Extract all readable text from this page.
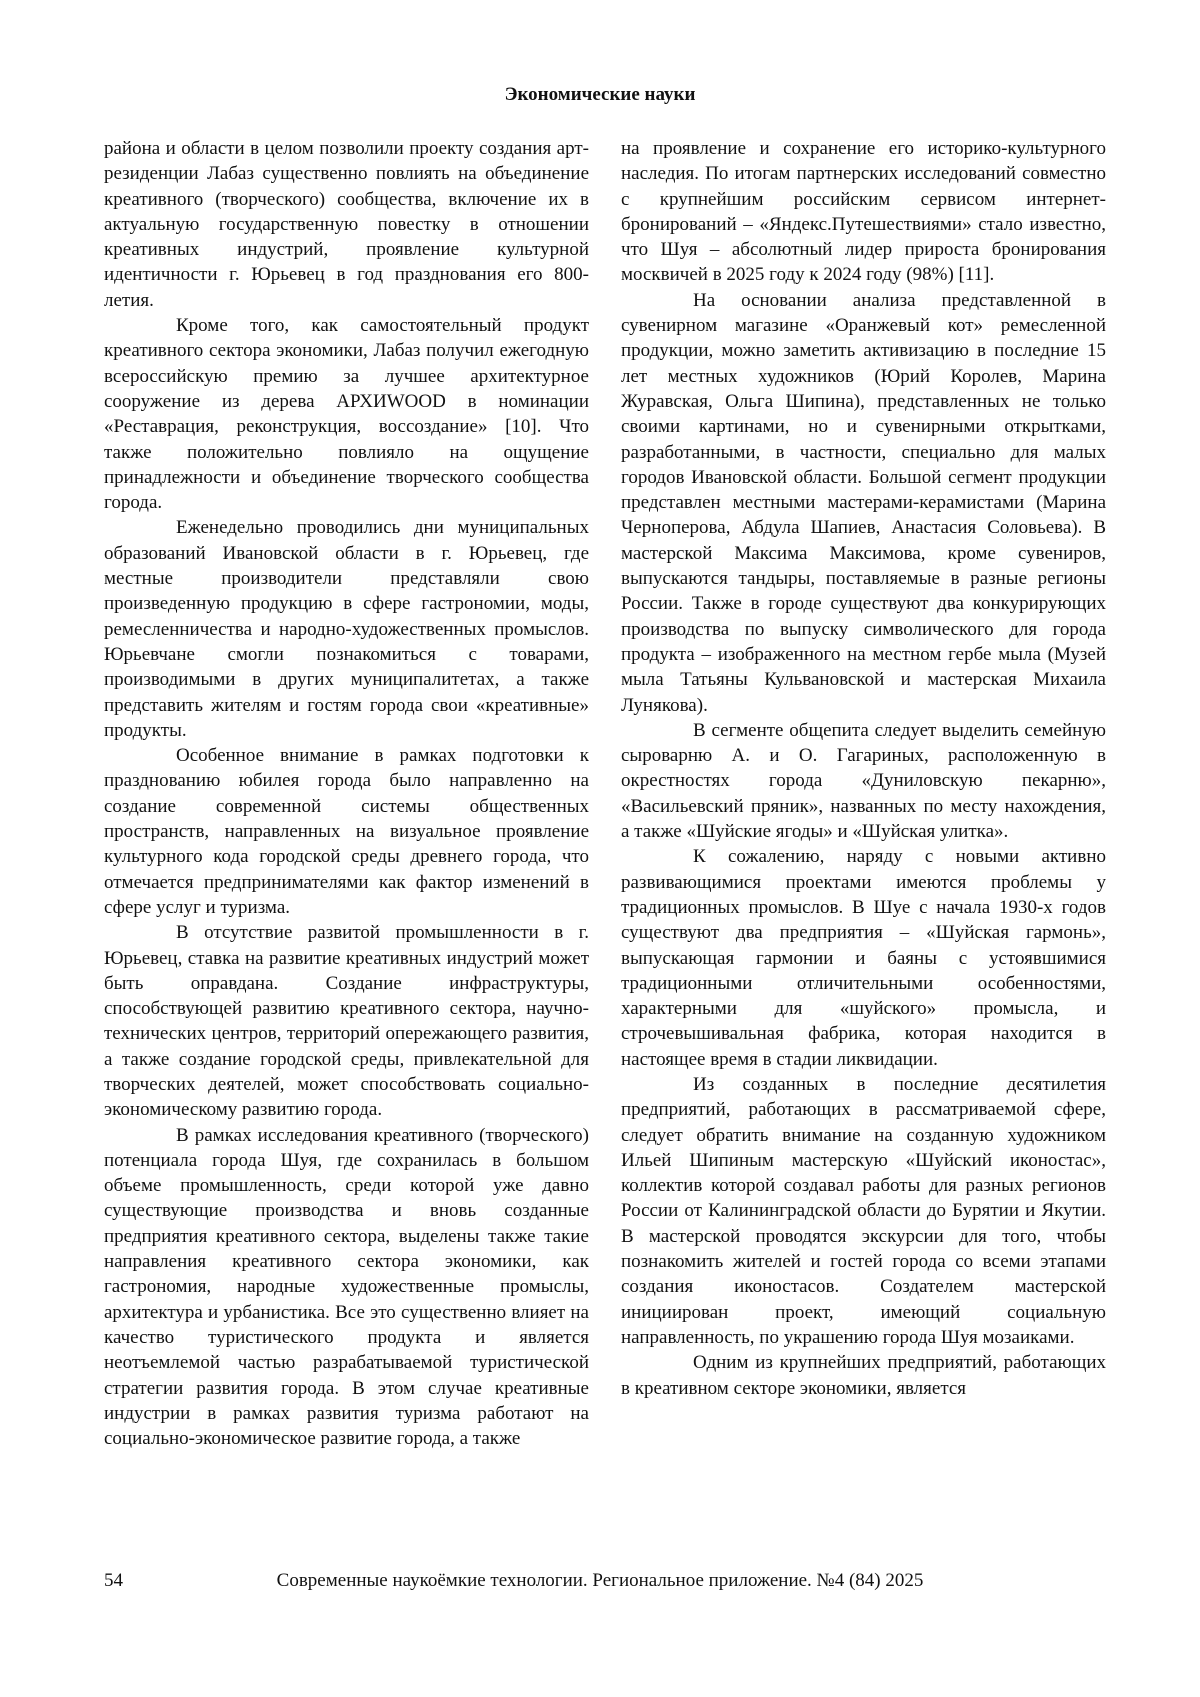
Экономические науки

района и области в целом позволили проекту создания арт-резиденции Лабаз существенно повлиять на объединение креативного (творческого) сообщества, включение их в актуальную государственную повестку в отношении креативных индустрий, проявление культурной идентичности г. Юрьевец в год празднования его 800-летия.

Кроме того, как самостоятельный продукт креативного сектора экономики, Лабаз получил ежегодную всероссийскую премию за лучшее архитектурное сооружение из дерева АРХИWOOD в номинации «Реставрация, реконструкция, воссоздание» [10]. Что также положительно повлияло на ощущение принадлежности и объединение творческого сообщества города.

Еженедельно проводились дни муниципальных образований Ивановской области в г. Юрьевец, где местные производители представляли свою произведенную продукцию в сфере гастрономии, моды, ремесленничества и народно-художественных промыслов. Юрьевчане смогли познакомиться с товарами, производимыми в других муниципалитетах, а также представить жителям и гостям города свои «креативные» продукты.

Особенное внимание в рамках подготовки к празднованию юбилея города было направленно на создание современной системы общественных пространств, направленных на визуальное проявление культурного кода городской среды древнего города, что отмечается предпринимателями как фактор изменений в сфере услуг и туризма.

В отсутствие развитой промышленности в г. Юрьевец, ставка на развитие креативных индустрий может быть оправдана. Создание инфраструктуры, способствующей развитию креативного сектора, научно-технических центров, территорий опережающего развития, а также создание городской среды, привлекательной для творческих деятелей, может способствовать социально-экономическому развитию города.

В рамках исследования креативного (творческого) потенциала города Шуя, где сохранилась в большом объеме промышленность, среди которой уже давно существующие производства и вновь созданные предприятия креативного сектора, выделены также такие направления креативного сектора экономики, как гастрономия, народные художественные промыслы, архитектура и урбанистика. Все это существенно влияет на качество туристического продукта и является неотъемлемой частью разрабатываемой туристической стратегии развития города. В этом случае креативные индустрии в рамках развития туризма работают на социально-экономическое развитие города, а также

на проявление и сохранение его историко-культурного наследия. По итогам партнерских исследований совместно с крупнейшим российским сервисом интернет-бронирований – «Яндекс.Путешествиями» стало известно, что Шуя – абсолютный лидер прироста бронирования москвичей в 2025 году к 2024 году (98%) [11].

На основании анализа представленной в сувенирном магазине «Оранжевый кот» ремесленной продукции, можно заметить активизацию в последние 15 лет местных художников (Юрий Королев, Марина Журавская, Ольга Шипина), представленных не только своими картинами, но и сувенирными открытками, разработанными, в частности, специально для малых городов Ивановской области. Большой сегмент продукции представлен местными мастерами-керамистами (Марина Черноперова, Абдула Шапиев, Анастасия Соловьева). В мастерской Максима Максимова, кроме сувениров, выпускаются тандыры, поставляемые в разные регионы России. Также в городе существуют два конкурирующих производства по выпуску символического для города продукта – изображенного на местном гербе мыла (Музей мыла Татьяны Кульвановской и мастерская Михаила Лунякова).

В сегменте общепита следует выделить семейную сыроварню А. и О. Гагариных, расположенную в окрестностях города «Дуниловскую пекарню», «Васильевский пряник», названных по месту нахождения, а также «Шуйские ягоды» и «Шуйская улитка».

К сожалению, наряду с новыми активно развивающимися проектами имеются проблемы у традиционных промыслов. В Шуе с начала 1930-х годов существуют два предприятия – «Шуйская гармонь», выпускающая гармонии и баяны с устоявшимися традиционными отличительными особенностями, характерными для «шуйского» промысла, и строчевышивальная фабрика, которая находится в настоящее время в стадии ликвидации.

Из созданных в последние десятилетия предприятий, работающих в рассматриваемой сфере, следует обратить внимание на созданную художником Ильей Шипиным мастерскую «Шуйский иконостас», коллектив которой создавал работы для разных регионов России от Калининградской области до Бурятии и Якутии. В мастерской проводятся экскурсии для того, чтобы познакомить жителей и гостей города со всеми этапами создания иконостасов. Создателем мастерской инициирован проект, имеющий социальную направленность, по украшению города Шуя мозаиками.

Одним из крупнейших предприятий, работающих в креативном секторе экономики, является

54	Современные наукоёмкие технологии. Региональное приложение. №4 (84) 2025
